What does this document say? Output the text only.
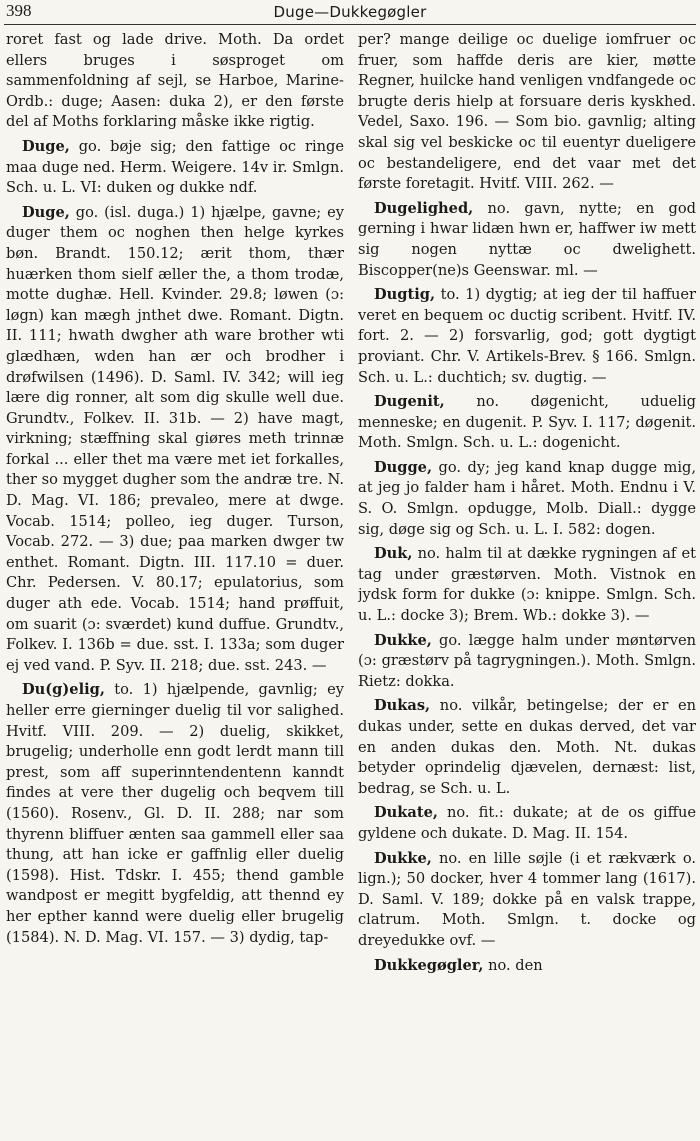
398	Duge—Dukkegøgler

roret fast og lade drive. Moth. Da ordet ellers bruges i søsproget om sammenfoldning af sejl, se Harboe, Marine-Ordb.: duge; Aasen: duka 2), er den første del af Moths forklaring måske ikke rigtig.

Duge, go. bøje sig; den fattige oc ringe maa duge ned. Herm. Weigere. 14v ir. Smlgn. Sch. u. L. VI: duken og dukke ndf.

Duge, go. (isl. duga.) 1) hjælpe, gavne; ey duger them oc noghen then helge kyrkes bøn. Brandt. 150.12; ærit thom, thær huærken thom sielf æller the, a thom trodæ, motte dughæ. Hell. Kvinder. 29.8; løwen (ɔ: løgn) kan mægh jnthet dwe. Romant. Digtn. II. 111; hwath dwgher ath ware brother wti glædhæn, wden han ær och brodher i drøfwilsen (1496). D. Saml. IV. 342; will ieg lære dig ronner, alt som dig skulle well due. Grundtv., Folkev. II. 31b. — 2) have magt, virkning; stæffning skal giøres meth trinnæ forkal ... eller thet ma være met iet forkalles, ther so mygget dugher som the andræ tre. N. D. Mag. VI. 186; prevaleo, mere at dwge. Vocab. 1514; polleo, ieg duger. Turson, Vocab. 272. — 3) due; paa marken dwger tw enthet. Romant. Digtn. III. 117.10 = duer. Chr. Pedersen. V. 80.17; epulatorius, som duger ath ede. Vocab. 1514; hand prøffuit, om suarit (ɔ: sværdet) kund duffue. Grundtv., Folkev. I. 136b = due. sst. I. 133a; som duger ej ved vand. P. Syv. II. 218; due. sst. 243. —

Du(g)elig, to. 1) hjælpende, gavnlig; ey heller erre gierninger duelig til vor salighed. Hvitf. VIII. 209. — 2) duelig, skikket, brugelig; underholle enn godt lerdt mann till prest, som aff superinntendentenn kanndt findes at vere ther dugelig och beqvem till (1560). Rosenv., Gl. D. II. 288; nar som thyrenn bliffuer ænten saa gammell eller saa thung, att han icke er gaffnlig eller duelig (1598). Hist. Tdskr. I. 455; thend gamble wandpost er megitt bygfeldig, att thennd ey her epther kannd were duelig eller brugelig (1584). N. D. Mag. VI. 157. — 3) dydig, tap-

per? mange deilige oc duelige iomfruer oc fruer, som haffde deris are kier, møtte Regner, huilcke hand venligen vndfangede oc brugte deris hielp at forsuare deris kyskhed. Vedel, Saxo. 196. — Som bio. gavnlig; alting skal sig vel beskicke oc til euentyr dueligere oc bestandeligere, end det vaar met det første foretagit. Hvitf. VIII. 262. —

Dugelighed, no. gavn, nytte; en god gerning i hwar lidæn hwn er, haffwer iw mett sig nogen nyttæ oc dwelighett. Biscopper(ne)s Geenswar. ml. —

Dugtig, to. 1) dygtig; at ieg der til haffuer veret en bequem oc ductig scribent. Hvitf. IV. fort. 2. — 2) forsvarlig, god; gott dygtigt proviant. Chr. V. Artikels-Brev. § 166. Smlgn. Sch. u. L.: duchtich; sv. dugtig. —

Dugenit, no. døgenicht, uduelig menneske; en dugenit. P. Syv. I. 117; døgenit. Moth. Smlgn. Sch. u. L.: dogenicht.

Dugge, go. dy; jeg kand knap dugge mig, at jeg jo falder ham i håret. Moth. Endnu i V. S. O. Smlgn. opdugge, Molb. Diall.: dygge sig, døge sig og Sch. u. L. I. 582: dogen.

Duk, no. halm til at dække rygningen af et tag under græstørven. Moth. Vistnok en jydsk form for dukke (ɔ: knippe. Smlgn. Sch. u. L.: docke 3); Brem. Wb.: dokke 3). —

Dukke, go. lægge halm under møntørven (ɔ: græstørv på tagrygningen.). Moth. Smlgn. Rietz: dokka.

Dukas, no. vilkår, betingelse; der er en dukas under, sette en dukas derved, det var en anden dukas den. Moth. Nt. dukas betyder oprindelig djævelen, dernæst: list, bedrag, se Sch. u. L.

Dukate, no. fit.: dukate; at de os giffue gyldene och dukate. D. Mag. II. 154.

Dukke, no. en lille søjle (i et rækværk o. lign.); 50 docker, hver 4 tommer lang (1617). D. Saml. V. 189; dokke på en valsk trappe, clatrum. Moth. Smlgn. t. docke og dreyedukke ovf. —

Dukkegøgler, no. den
